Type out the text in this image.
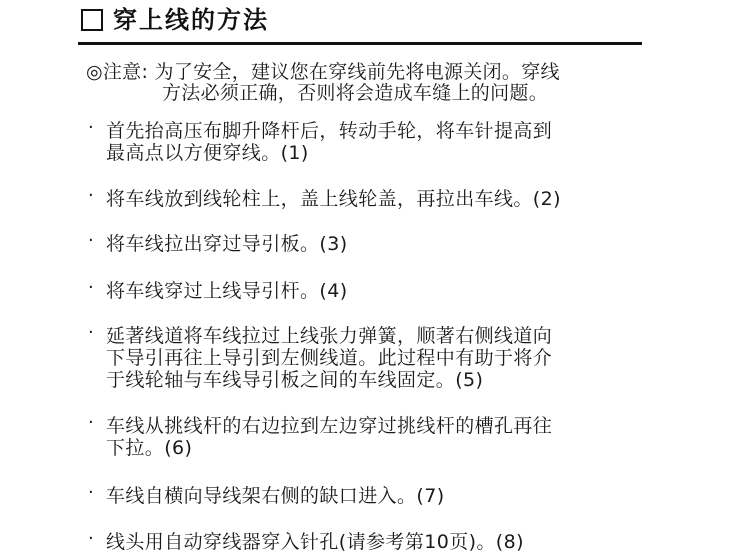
穿上线的方法
◎注意: 为了安全，建议您在穿线前先将电源关闭。穿线
方法必须正确，否则将会造成车缝上的问题。
· 首先抬高压布脚升降杆后，转动手轮，将车针提高到
最高点以方便穿线。(1)
· 将车线放到线轮柱上，盖上线轮盖，再拉出车线。(2)
· 将车线拉出穿过导引板。(3)
· 将车线穿过上线导引杆。(4)
· 延著线道将车线拉过上线张力弹簧，顺著右侧线道向
下导引再往上导引到左侧线道。此过程中有助于将介
于线轮轴与车线导引板之间的车线固定。(5)
· 车线从挑线杆的右边拉到左边穿过挑线杆的槽孔再往
下拉。(6)
· 车线自横向导线架右侧的缺口进入。(7)
· 线头用自动穿线器穿入针孔(请参考第10页)。(8)
